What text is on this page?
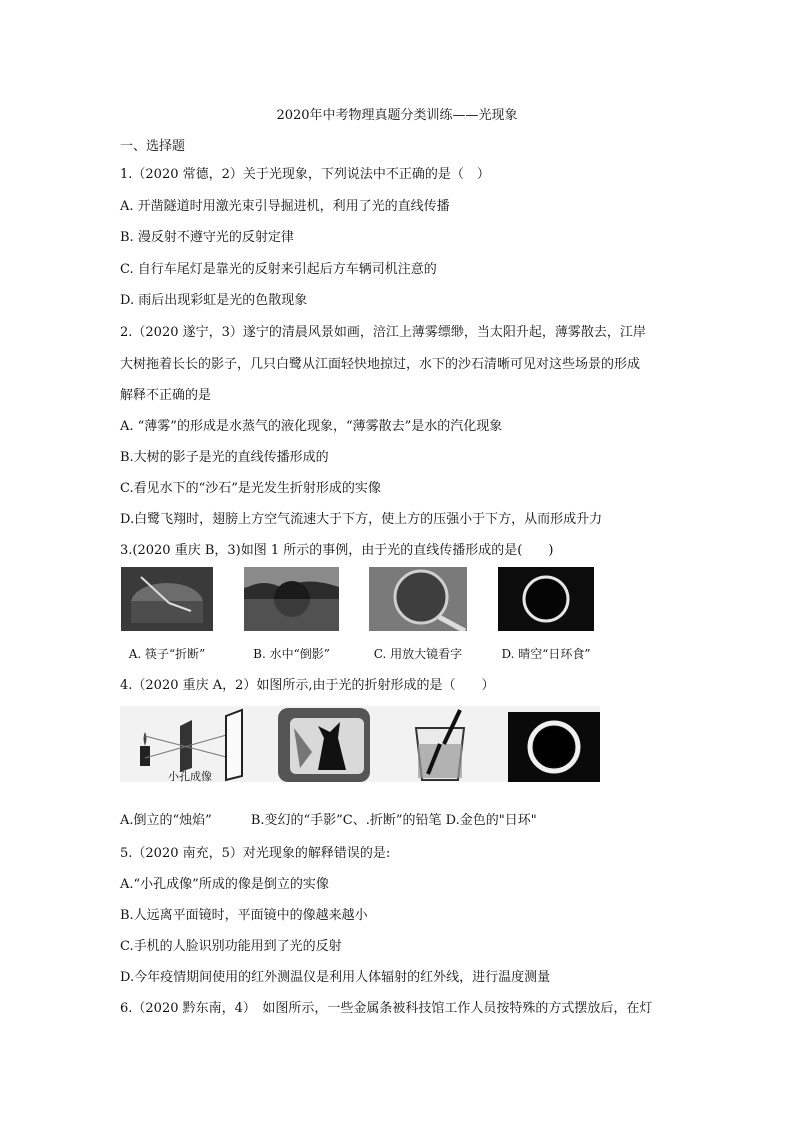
2020年中考物理真题分类训练——光现象
一、选择题
1.（2020 常德，2）关于光现象，下列说法中不正确的是（　）
A. 开凿隧道时用激光束引导掘进机，利用了光的直线传播
B. 漫反射不遵守光的反射定律
C. 自行车尾灯是靠光的反射来引起后方车辆司机注意的
D. 雨后出现彩虹是光的色散现象
2.（2020 遂宁，3）遂宁的清晨风景如画，涪江上薄雾缥缈，当太阳升起，薄雾散去，江岸
大树拖着长长的影子，几只白鹭从江面轻快地掠过，水下的沙石清晰可见对这些场景的形成
解释不正确的是
A. “薄雾”的形成是水蒸气的液化现象，“薄雾散去”是水的汽化现象
B.大树的影子是光的直线传播形成的
C.看见水下的“沙石”是光发生折射形成的实像
D.白鹭飞翔时，翅膀上方空气流速大于下方，使上方的压强小于下方，从而形成升力
3.(2020 重庆 B，3)如图 1 所示的事例，由于光的直线传播形成的是(　　)
A. 筷子“折断”	B. 水中“倒影”	C. 用放大镜看字	D. 晴空“日环食”
4.（2020 重庆 A，2）如图所示,由于光的折射形成的是（　　）
小孔成像
A.倒立的“烛焰”　　　B.变幻的“手影”C、.折断”的铅笔 D.金色的"日环"
5.（2020 南充，5）对光现象的解释错误的是:
A.“小孔成像”所成的像是倒立的实像
B.人远离平面镜时，平面镜中的像越来越小
C.手机的人脸识别功能用到了光的反射
D.今年疫情期间使用的红外测温仪是利用人体辐射的红外线，进行温度测量
6.（2020 黔东南，4）　如图所示，一些金属条被科技馆工作人员按特殊的方式摆放后，在灯
